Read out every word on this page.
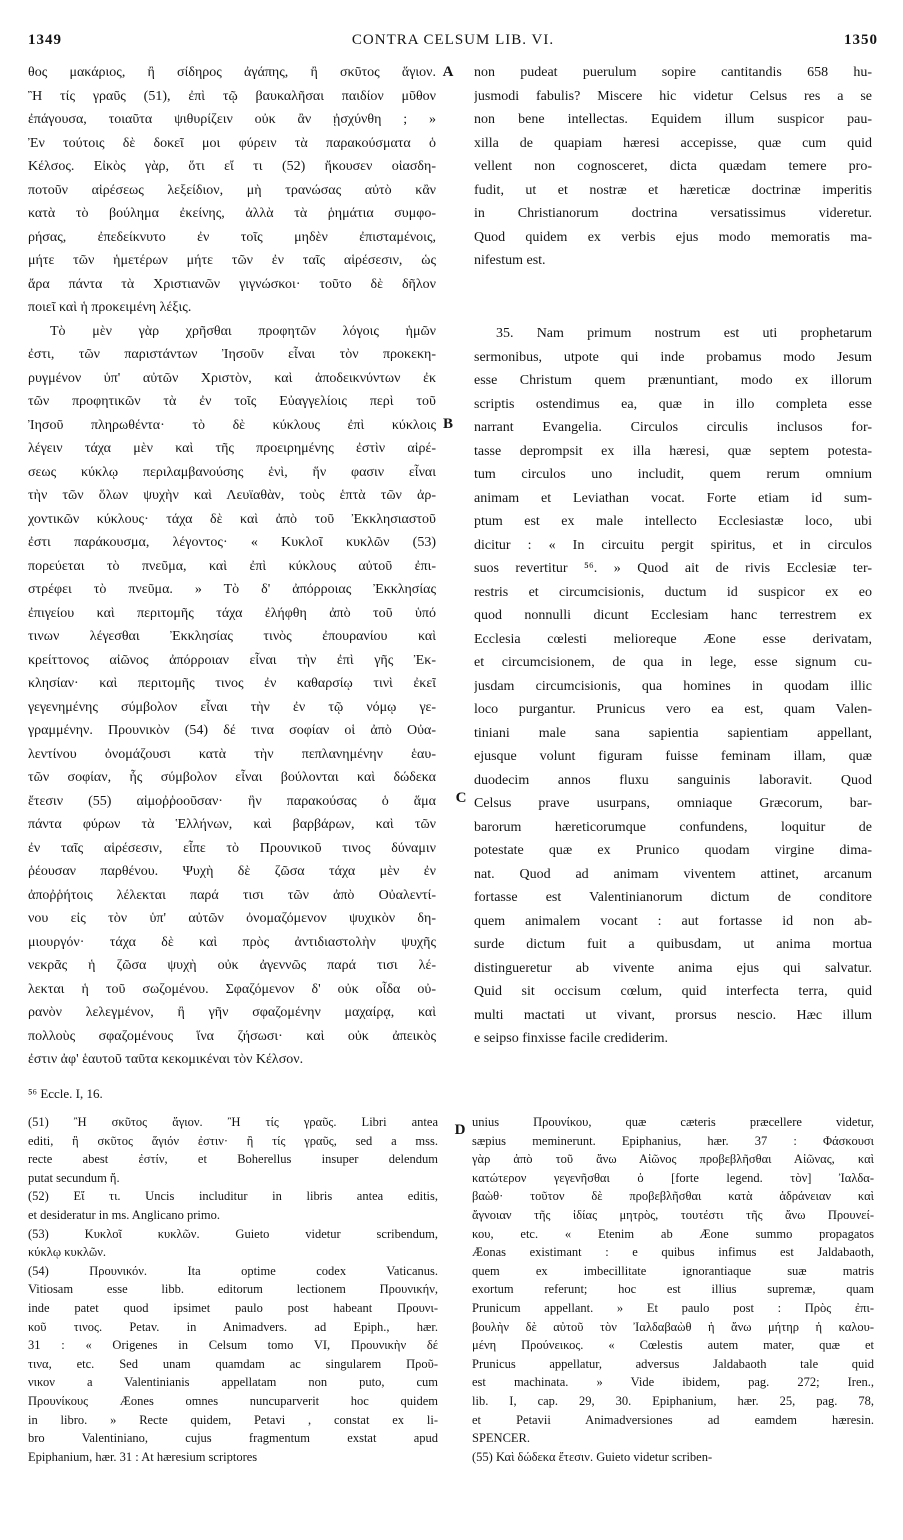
1349	CONTRA CELSUM LIB. VI.	1350
A
B
C
D
θος μακάριος, ἢ σίδηρος ἀγάπης, ἢ σκῦτος ἅγιον.
Ἢ τίς γραῦς (51), ἐπὶ τῷ βαυκαλῆσαι παιδίον μῦθον
ἐπάγουσα, τοιαῦτα ψιθυρίζειν οὐκ ἂν ᾐσχύνθη ; »
Ἐν τούτοις δὲ δοκεῖ μοι φύρειν τὰ παρακούσματα ὁ
Κέλσος. Εἰκὸς γὰρ, ὅτι εἴ τι (52) ἤκουσεν οἱασδη-
ποτοῦν αἱρέσεως λεξείδιον, μὴ τρανώσας αὐτὸ κἂν
κατὰ τὸ βούλημα ἐκείνης, ἀλλὰ τὰ ῥημάτια συμφο-
ρήσας, ἐπεδείκνυτο ἐν τοῖς μηδὲν ἐπισταμένοις,
μήτε τῶν ἡμετέρων μήτε τῶν ἐν ταῖς αἱρέσεσιν, ὡς
ἄρα πάντα τὰ Χριστιανῶν γιγνώσκοι· τοῦτο δὲ δῆλον
ποιεῖ καὶ ἡ προκειμένη λέξις.
Τὸ μὲν γὰρ χρῆσθαι προφητῶν λόγοις ἡμῶν
ἐστι, τῶν παριστάντων Ἰησοῦν εἶναι τὸν προκεκη-
ρυγμένον ὑπ' αὐτῶν Χριστὸν, καὶ ἀποδεικνύντων ἐκ
τῶν προφητικῶν τὰ ἐν τοῖς Εὐαγγελίοις περὶ τοῦ
Ἰησοῦ πληρωθέντα· τὸ δὲ κύκλους ἐπὶ κύκλοις
λέγειν τάχα μὲν καὶ τῆς προειρημένης ἐστὶν αἱρέ-
σεως κύκλῳ περιλαμβανούσης ἑνὶ, ἥν φασιν εἶναι
τὴν τῶν ὅλων ψυχὴν καὶ Λευϊαθὰν, τοὺς ἑπτὰ τῶν ἀρ-
χοντικῶν κύκλους· τάχα δὲ καὶ ἀπὸ τοῦ Ἐκκλησιαστοῦ
ἐστι παράκουσμα, λέγοντος· « Κυκλοῖ κυκλῶν (53)
πορεύεται τὸ πνεῦμα, καὶ ἐπὶ κύκλους αὐτοῦ ἐπι-
στρέφει τὸ πνεῦμα. » Τὸ δ' ἀπόρροιας Ἐκκλησίας
ἐπιγείου καὶ περιτομῆς τάχα ἐλήφθη ἀπὸ τοῦ ὑπό
τινων λέγεσθαι Ἐκκλησίας τινὸς ἐπουρανίου καὶ
κρείττονος αἰῶνος ἀπόρροιαν εἶναι τὴν ἐπὶ γῆς Ἐκ-
κλησίαν· καὶ περιτομῆς τινος ἐν καθαρσίῳ τινὶ ἐκεῖ
γεγενημένης σύμβολον εἶναι τὴν ἐν τῷ νόμῳ γε-
γραμμένην. Προυνικὸν (54) δέ τινα σοφίαν οἱ ἀπὸ Οὐα-
λεντίνου ὀνομάζουσι κατὰ τὴν πεπλανημένην ἑαυ-
τῶν σοφίαν, ἧς σύμβολον εἶναι βούλονται καὶ δώδεκα
ἔτεσιν (55) αἱμοῤῥοοῦσαν· ἣν παρακούσας ὁ ἅμα
πάντα φύρων τὰ Ἑλλήνων, καὶ βαρβάρων, καὶ τῶν
ἐν ταῖς αἱρέσεσιν, εἶπε τὸ Προυνικοῦ τινος δύναμιν
ῥέουσαν παρθένου. Ψυχὴ δὲ ζῶσα τάχα μὲν ἐν
ἀποῤῥήτοις λέλεκται παρά τισι τῶν ἀπὸ Οὐαλεντί-
νου εἰς τὸν ὑπ' αὐτῶν ὀνομαζόμενον ψυχικὸν δη-
μιουργόν· τάχα δὲ καὶ πρὸς ἀντιδιαστολὴν ψυχῆς
νεκρᾶς ἡ ζῶσα ψυχὴ οὐκ ἀγεννῶς παρά τισι λέ-
λεκται ἡ τοῦ σωζομένου. Σφαζόμενον δ' οὐκ οἶδα οὐ-
ρανὸν λελεγμένον, ἢ γῆν σφαζομένην μαχαίρᾳ, καὶ
πολλοὺς σφαζομένους ἵνα ζήσωσι· καὶ οὐκ ἀπεικὸς
ἐστιν ἀφ' ἑαυτοῦ ταῦτα κεκομικέναι τὸν Κέλσον.
non pudeat puerulum sopire cantitandis 658 hu-
jusmodi fabulis? Miscere hic videtur Celsus res a se
non bene intellectas. Equidem illum suspicor pau-
xilla de quapiam hæresi accepisse, quæ cum quid
vellent non cognosceret, dicta quædam temere pro-
fudit, ut et nostræ et hæreticæ doctrinæ imperitis
in Christianorum doctrina versatissimus videretur.
Quod quidem ex verbis ejus modo memoratis ma-
nifestum est.
35. Nam primum nostrum est uti prophetarum
sermonibus, utpote qui inde probamus modo Jesum
esse Christum quem prænuntiant, modo ex illorum
scriptis ostendimus ea, quæ in illo completa esse
narrant Evangelia. Circulos circulis inclusos for-
tasse deprompsit ex illa hæresi, quæ septem potesta-
tum circulos uno includit, quem rerum omnium
animam et Leviathan vocat. Forte etiam id sum-
ptum est ex male intellecto Ecclesiastæ loco, ubi
dicitur : « In circuitu pergit spiritus, et in circulos
suos revertitur ⁵⁶. » Quod ait de rivis Ecclesiæ ter-
restris et circumcisionis, ductum id suspicor ex eo
quod nonnulli dicunt Ecclesiam hanc terrestrem ex
Ecclesia cœlesti melioreque Æone esse derivatam,
et circumcisionem, de qua in lege, esse signum cu-
jusdam circumcisionis, qua homines in quodam illic
loco purgantur. Prunicus vero ea est, quam Valen-
tiniani male sana sapientia sapientiam appellant,
ejusque volunt figuram fuisse feminam illam, quæ
duodecim annos fluxu sanguinis laboravit. Quod
Celsus prave usurpans, omniaque Græcorum, bar-
barorum hæreticorumque confundens, loquitur de
potestate quæ ex Prunico quodam virgine dima-
nat. Quod ad animam viventem attinet, arcanum
fortasse est Valentinianorum dictum de conditore
quem animalem vocant : aut fortasse id non ab-
surde dictum fuit a quibusdam, ut anima mortua
distingueretur ab vivente anima ejus qui salvatur.
Quid sit occisum cœlum, quid interfecta terra, quid
multi mactati ut vivant, prorsus nescio. Hæc illum
e seipso finxisse facile crediderim.
⁵⁶ Eccle. I, 16.
(51) Ἢ σκῦτος ἅγιον. Ἢ τίς γραῦς. Libri antea
editi, ἢ σκῦτος ἅγιόν ἐστιν· ἢ τίς γραῦς, sed a mss.
recte abest ἐστίν, et Boherellus insuper delendum
putat secundum ἤ.
(52) Εἴ τι. Uncis includitur in libris antea editis,
et desideratur in ms. Anglicano primo.
(53) Κυκλοῖ κυκλῶν. Guieto videtur scribendum,
κύκλῳ κυκλῶν.
(54) Προυνικόν. Ita optime codex Vaticanus.
Vitiosam esse libb. editorum lectionem Προυνικήν,
inde patet quod ipsimet paulo post habeant Προυνι-
κοῦ τινος. Petav. in Animadvers. ad Epiph., hær.
31 : « Origenes in Celsum tomo VI, Προυνικὴν δέ
τινα, etc. Sed unam quamdam ac singularem Προῦ-
νικον a Valentinianis appellatam non puto, cum
Προυνίκους Æones omnes nuncuparverit hoc quidem
in libro. » Recte quidem, Petavi , constat ex li-
bro Valentiniano, cujus fragmentum exstat apud
Epiphanium, hær. 31 : At hæresium scriptores
unius Προυνίκου, quæ cæteris præcellere videtur,
sæpius meminerunt. Epiphanius, hær. 37 : Φάσκουσι
γὰρ ἀπὸ τοῦ ἄνω Αἰῶνος προβεβλῆσθαι Αἰῶνας, καὶ
κατώτερον γεγενῆσθαι ὁ [forte legend. τὸν] Ἰαλδα-
βαὼθ· τοῦτον δὲ προβεβλῆσθαι κατὰ ἀδράνειαν καὶ
ἄγνοιαν τῆς ἰδίας μητρὸς, τουτέστι τῆς ἄνω Προυνεί-
κου, etc. « Etenim ab Æone summo propagatos
Æonas existimant : e quibus infimus est Jaldabaoth,
quem ex imbecillitate ignorantiaque suæ matris
exortum referunt; hoc est illius supremæ, quam
Prunicum appellant. » Et paulo post : Πρὸς ἐπι-
βουλὴν δὲ αὐτοῦ τὸν Ἰαλδαβαὼθ ἡ ἄνω μήτηρ ἡ καλου-
μένη Προύνεικος. « Cœlestis autem mater, quæ et
Prunicus appellatur, adversus Jaldabaoth tale quid
est machinata. » Vide ibidem, pag. 272; Iren.,
lib. I, cap. 29, 30. Epiphanium, hær. 25, pag. 78,
et Petavii Animadversiones ad eamdem hæresin.
SPENCER.
(55) Καὶ δώδεκα ἔτεσιν. Guieto videtur scriben-
